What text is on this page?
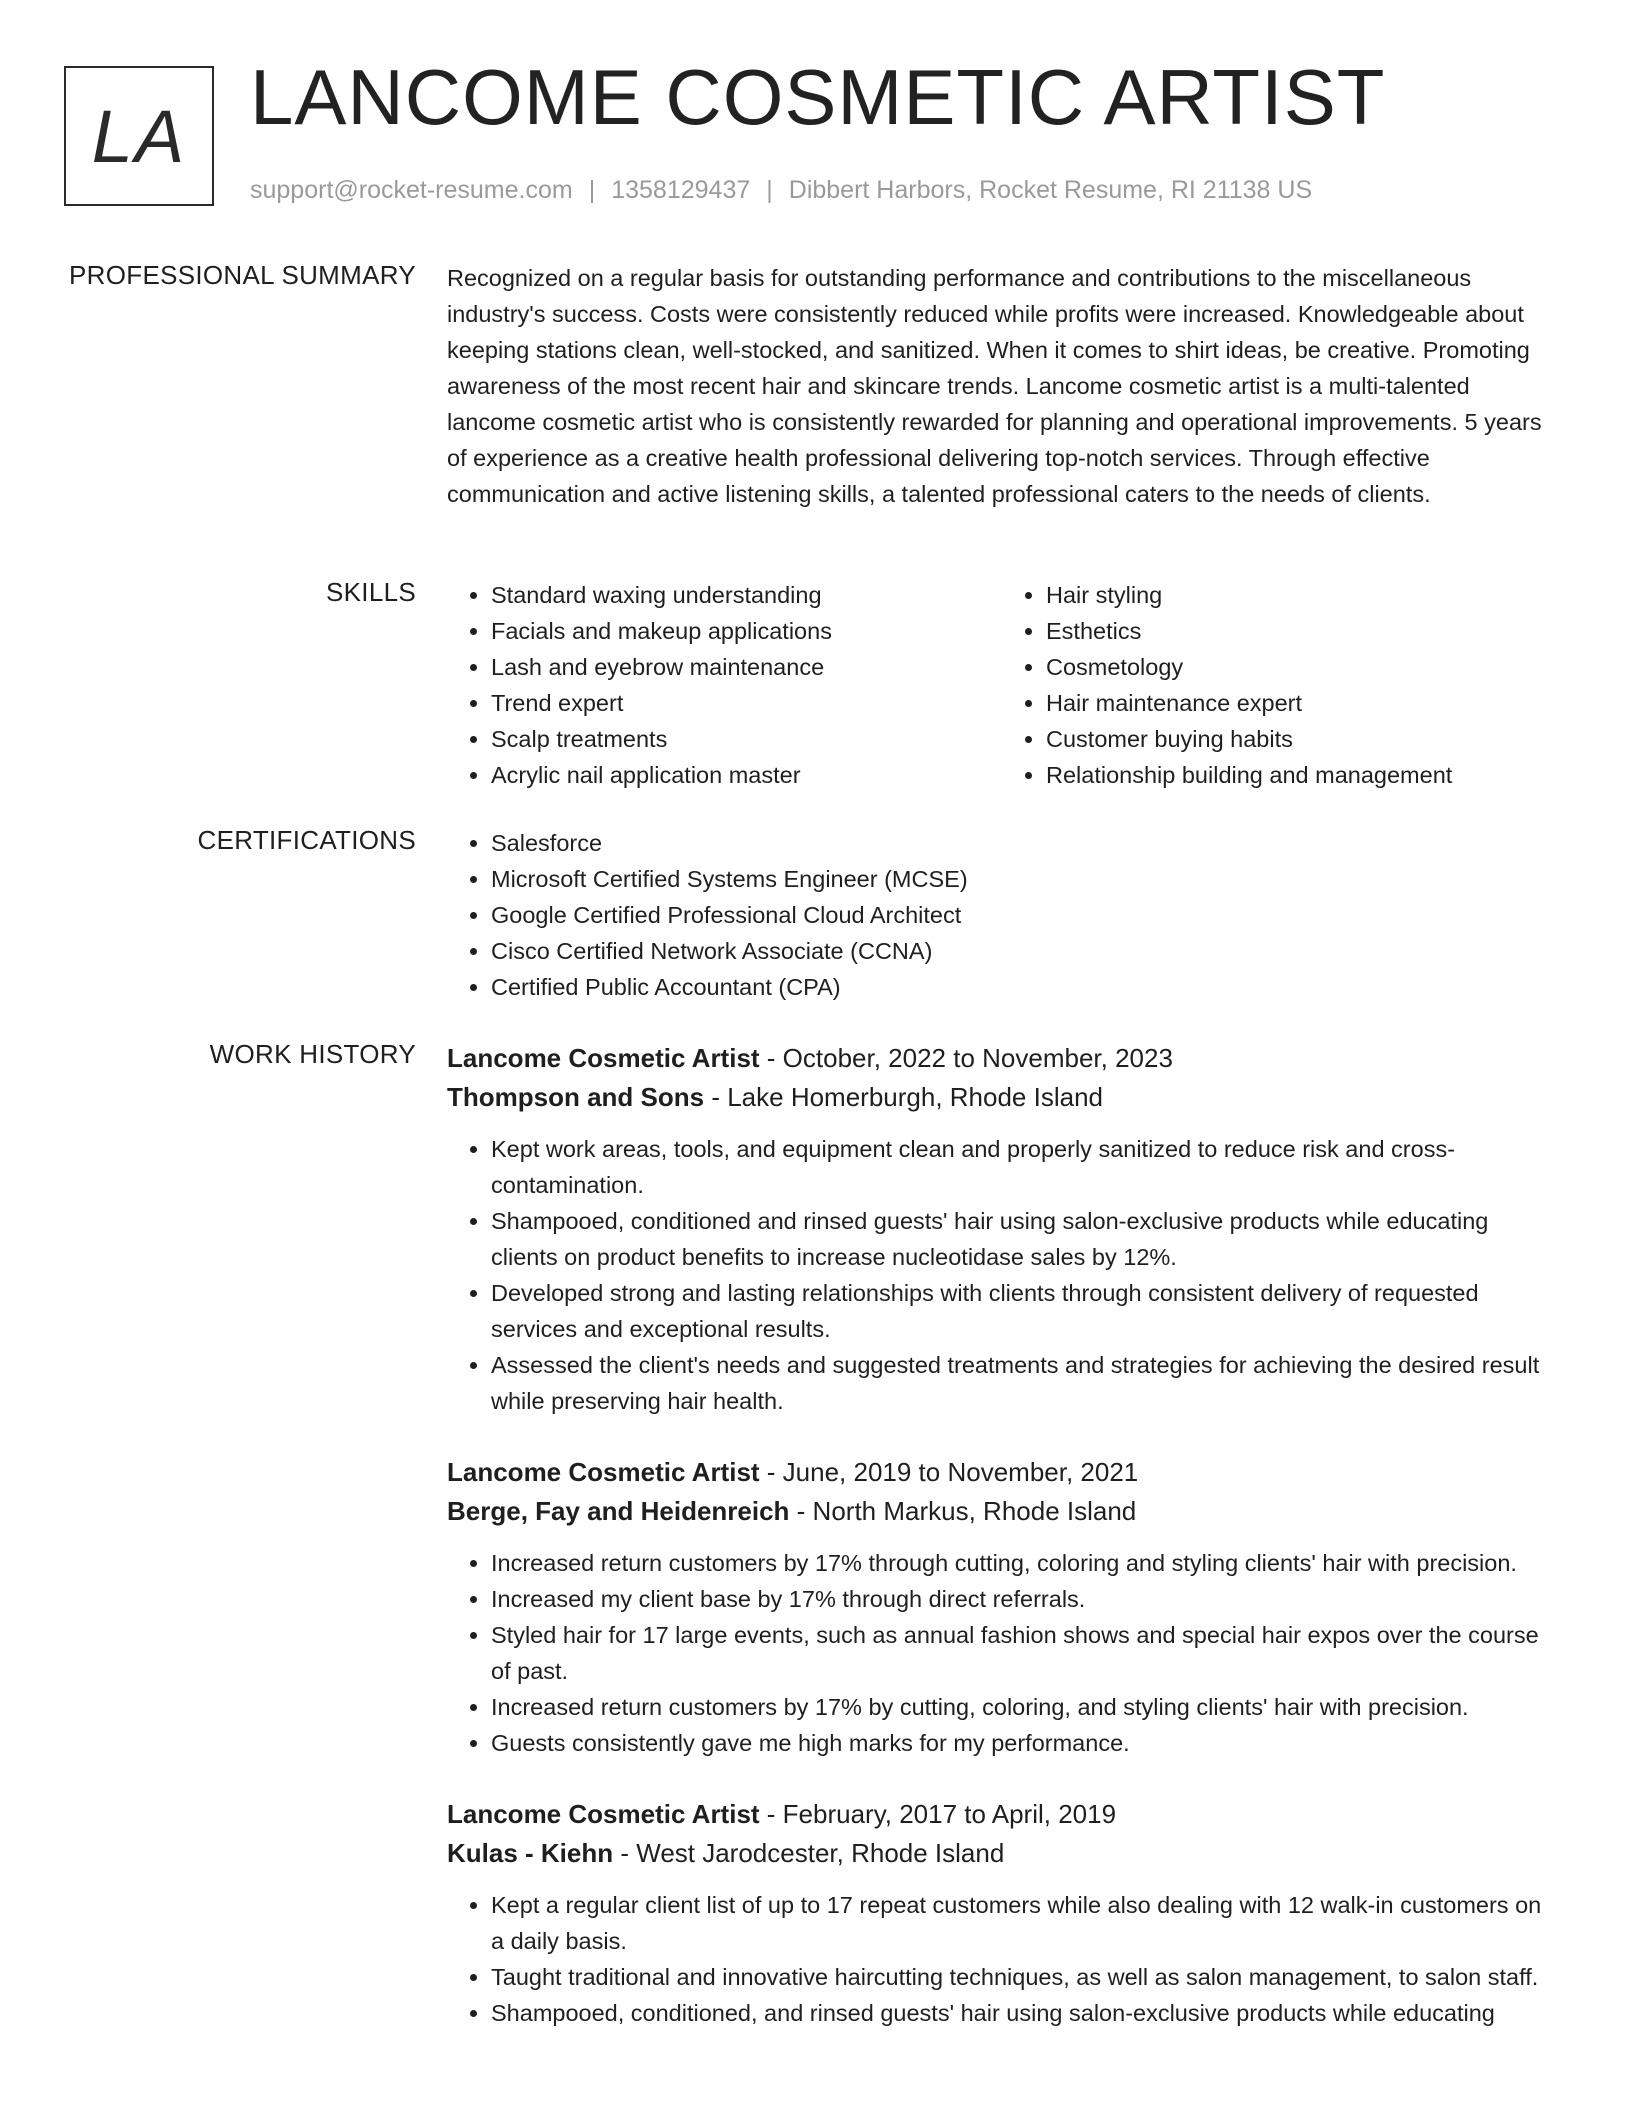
LA LANCOME COSMETIC ARTIST
support@rocket-resume.com | 1358129437 | Dibbert Harbors, Rocket Resume, RI 21138 US
PROFESSIONAL SUMMARY Recognized on a regular basis for outstanding performance and contributions to the miscellaneous industry's success. Costs were consistently reduced while profits were increased. Knowledgeable about keeping stations clean, well-stocked, and sanitized. When it comes to shirt ideas, be creative. Promoting awareness of the most recent hair and skincare trends. Lancome cosmetic artist is a multi-talented lancome cosmetic artist who is consistently rewarded for planning and operational improvements. 5 years of experience as a creative health professional delivering top-notch services. Through effective communication and active listening skills, a talented professional caters to the needs of clients.

SKILLS	• Standard waxing understanding
• Facials and makeup applications
• Lash and eyebrow maintenance
• Trend expert
• Scalp treatments
• Acrylic nail application master
• Hair styling
• Esthetics
• Cosmetology
• Hair maintenance expert
• Customer buying habits
• Relationship building and management
CERTIFICATIONS	• Salesforce
• Microsoft Certified Systems Engineer (MCSE)
• Google Certified Professional Cloud Architect
• Cisco Certified Network Associate (CCNA)
• Certified Public Accountant (CPA)
WORK HISTORY Lancome Cosmetic Artist - October, 2022 to November, 2023
Thompson and Sons - Lake Homerburgh, Rhode Island
• Kept work areas, tools, and equipment clean and properly sanitized to reduce risk and cross-contamination.
• Shampooed, conditioned and rinsed guests' hair using salon-exclusive products while educating clients on product benefits to increase nucleotidase sales by 12%.
• Developed strong and lasting relationships with clients through consistent delivery of requested services and exceptional results.
• Assessed the client's needs and suggested treatments and strategies for achieving the desired result while preserving hair health.
Lancome Cosmetic Artist - June, 2019 to November, 2021
Berge, Fay and Heidenreich - North Markus, Rhode Island
• Increased return customers by 17% through cutting, coloring and styling clients' hair with precision.
• Increased my client base by 17% through direct referrals.
• Styled hair for 17 large events, such as annual fashion shows and special hair expos over the course of past.
• Increased return customers by 17% by cutting, coloring, and styling clients' hair with precision.
• Guests consistently gave me high marks for my performance.
Lancome Cosmetic Artist - February, 2017 to April, 2019
Kulas - Kiehn - West Jarodcester, Rhode Island
• Kept a regular client list of up to 17 repeat customers while also dealing with 12 walk-in customers on a daily basis.
• Taught traditional and innovative haircutting techniques, as well as salon management, to salon staff.
• Shampooed, conditioned, and rinsed guests' hair using salon-exclusive products while educating
